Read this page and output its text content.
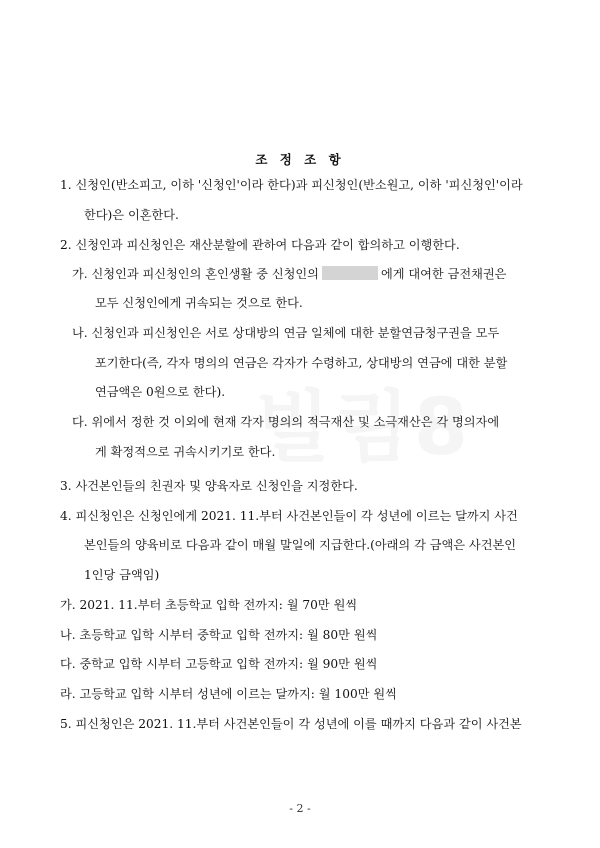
조 정 조 항
1. 신청인(반소피고, 이하 '신청인'이라 한다)과 피신청인(반소원고, 이하 '피신청인'이라
한다)은 이혼한다.
2. 신청인과 피신청인은 재산분할에 관하여 다음과 같이 합의하고 이행한다.
가. 신청인과 피신청인의 혼인생활 중 신청인의	에게 대여한 금전채권은
모두 신청인에게 귀속되는 것으로 한다.
나. 신청인과 피신청인은 서로 상대방의 연금 일체에 대한 분할연금청구권을 모두
포기한다(즉, 각자 명의의 연금은 각자가 수령하고, 상대방의 연금에 대한 분할
연금액은 0원으로 한다).
다. 위에서 정한 것 이외에 현재 각자 명의의 적극재산 및 소극재산은 각 명의자에
게 확정적으로 귀속시키기로 한다.
3. 사건본인들의 친권자 및 양육자로 신청인을 지정한다.
4. 피신청인은 신청인에게 2021. 11.부터 사건본인들이 각 성년에 이르는 달까지 사건
본인들의 양육비로 다음과 같이 매월 말일에 지급한다.(아래의 각 금액은 사건본인
1인당 금액임)
가. 2021. 11.부터 초등학교 입학 전까지: 월 70만 원씩
나. 초등학교 입학 시부터 중학교 입학 전까지: 월 80만 원씩
다. 중학교 입학 시부터 고등학교 입학 전까지: 월 90만 원씩
라. 고등학교 입학 시부터 성년에 이르는 달까지: 월 100만 원씩
5. 피신청인은 2021. 11.부터 사건본인들이 각 성년에 이를 때까지 다음과 같이 사건본
- 2 -
